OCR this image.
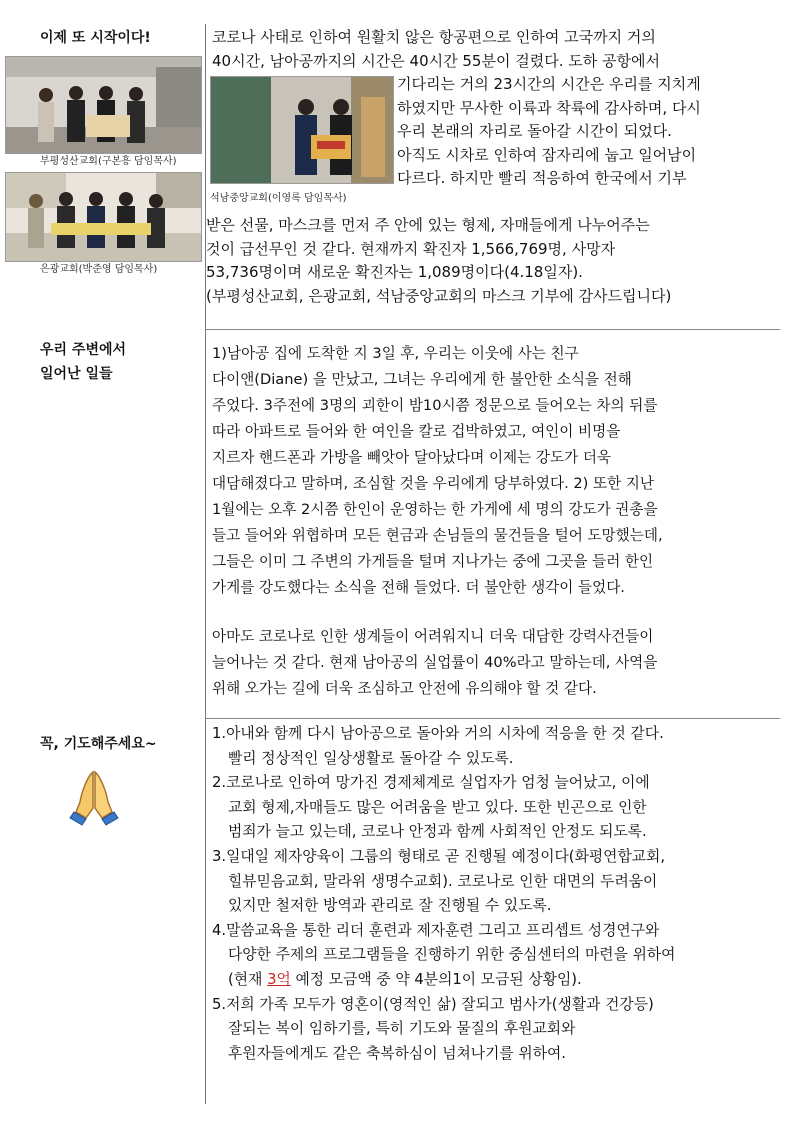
이제 또 시작이다!
부평성산교회(구본흥 담임목사)
은광교회(박준영 담임목사)
코로나 사태로 인하여 원활치 않은 항공편으로 인하여 고국까지 거의
40시간, 남아공까지의 시간은 40시간 55분이 걸렸다. 도하 공항에서
석남중앙교회(이영록 담임목사)
기다리는 거의 23시간의 시간은 우리를 지치게
하였지만 무사한 이륙과 착륙에 감사하며, 다시
우리 본래의 자리로 돌아갈 시간이 되었다.
아직도 시차로 인하여 잠자리에 눕고 일어남이
다르다. 하지만 빨리 적응하여 한국에서 기부
받은 선물, 마스크를 먼저 주 안에 있는 형제, 자매들에게 나누어주는
것이 급선무인 것 같다. 현재까지 확진자 1,566,769명, 사망자
53,736명이며 새로운 확진자는 1,089명이다(4.18일자).
(부평성산교회, 은광교회, 석남중앙교회의 마스크 기부에 감사드립니다)
우리 주변에서
일어난 일들
1)남아공 집에 도착한 지 3일 후, 우리는 이웃에 사는 친구
다이앤(Diane) 을 만났고, 그녀는 우리에게 한 불안한 소식을 전해
주었다. 3주전에 3명의 괴한이 밤10시쯤 정문으로 들어오는 차의 뒤를
따라 아파트로 들어와 한 여인을 칼로 겁박하였고, 여인이 비명을
지르자 핸드폰과 가방을 빼앗아 달아났다며 이제는 강도가 더욱
대담해졌다고 말하며, 조심할 것을 우리에게 당부하였다. 2) 또한 지난
1월에는 오후 2시쯤 한인이 운영하는 한 가게에 세 명의 강도가 권총을
들고 들어와 위협하며 모든 현금과 손님들의 물건들을 털어 도망했는데,
그들은 이미 그 주변의 가게들을 털며 지나가는 중에 그곳을 들러 한인
가게를 강도했다는 소식을 전해 들었다. 더 불안한 생각이 들었다.
아마도 코로나로 인한 생계들이 어려워지니 더욱 대담한 강력사건들이
늘어나는 것 같다. 현재 남아공의 실업률이 40%라고 말하는데, 사역을
위해 오가는 길에 더욱 조심하고 안전에 유의해야 할 것 같다.
꼭, 기도해주세요~
1.아내와 함께 다시 남아공으로 돌아와 거의 시차에 적응을 한 것 같다.
빨리 정상적인 일상생활로 돌아갈 수 있도록.
2.코로나로 인하여 망가진 경제체계로 실업자가 엄청 늘어났고, 이에
교회 형제,자매들도 많은 어려움을 받고 있다. 또한 빈곤으로 인한
범죄가 늘고 있는데, 코로나 안정과 함께 사회적인 안정도 되도록.
3.일대일 제자양육이 그룹의 형태로 곧 진행될 예정이다(화평연합교회,
힐뷰믿음교회, 말라위 생명수교회). 코로나로 인한 대면의 두려움이
있지만 철저한 방역과 관리로 잘 진행될 수 있도록.
4.말씀교육을 통한 리더 훈련과 제자훈련 그리고 프리셉트 성경연구와
다양한 주제의 프로그램들을 진행하기 위한 중심센터의 마련을 위하여
(현재 3억 예정 모금액 중 약 4분의1이 모금된 상황임).
5.저희 가족 모두가 영혼이(영적인 삶) 잘되고 범사가(생활과 건강등)
잘되는 복이 임하기를, 특히 기도와 물질의 후원교회와
후원자들에게도 같은 축복하심이 넘쳐나기를 위하여.
